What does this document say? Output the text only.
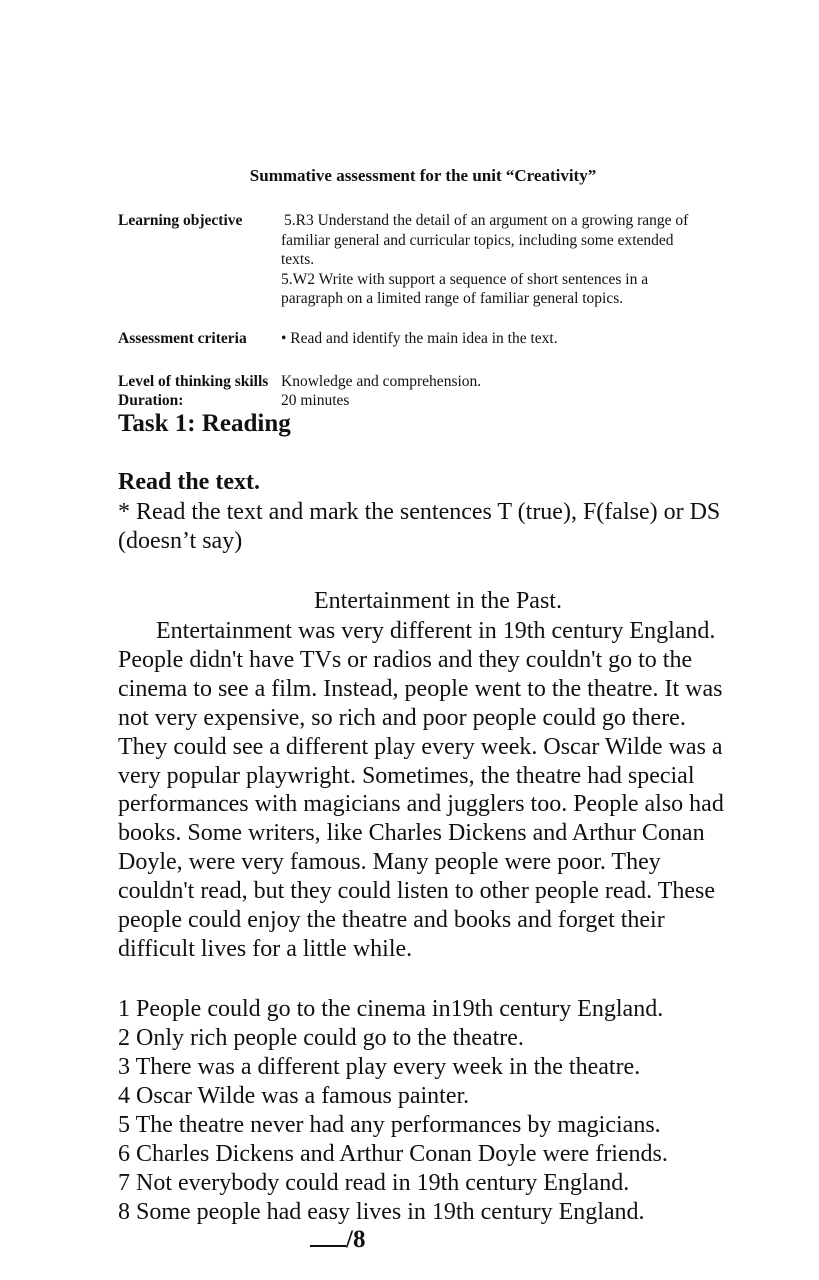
Summative assessment for the unit “Creativity”
Learning objective	5.R3 Understand the detail of an argument on a growing range of
familiar general and curricular topics, including some extended
texts.
5.W2 Write with support a sequence of short sentences in a
paragraph on a limited range of familiar general topics.
Assessment criteria • Read and identify the main idea in the text.
Level of thinking skills Knowledge and comprehension.
Duration:	20 minutes
Task 1: Reading
Read the text.
* Read the text and mark the sentences T (true), F(false) or DS (doesn’t say)
Entertainment in the Past.
Entertainment was very different in 19th century England.
People didn't have TVs or radios and they couldn't go to the
cinema to see a film. Instead, people went to the theatre. It was
not very expensive, so rich and poor people could go there.
They could see a different play every week. Oscar Wilde was a
very popular playwright. Sometimes, the theatre had special
performances with magicians and jugglers too. People also had
books. Some writers, like Charles Dickens and Arthur Conan
Doyle, were very famous. Many people were poor. They
couldn't read, but they could listen to other people read. These
people could enjoy the theatre and books and forget their
difficult lives for a little while.
1 People could go to the cinema in19th century England.
2 Only rich people could go to the theatre.
3 There was a different play every week in the theatre.
4 Oscar Wilde was a famous painter.
5 The theatre never had any performances by magicians.
6 Charles Dickens and Arthur Conan Doyle were friends.
7 Not everybody could read in 19th century England.
8 Some people had easy lives in 19th century England.
/8
